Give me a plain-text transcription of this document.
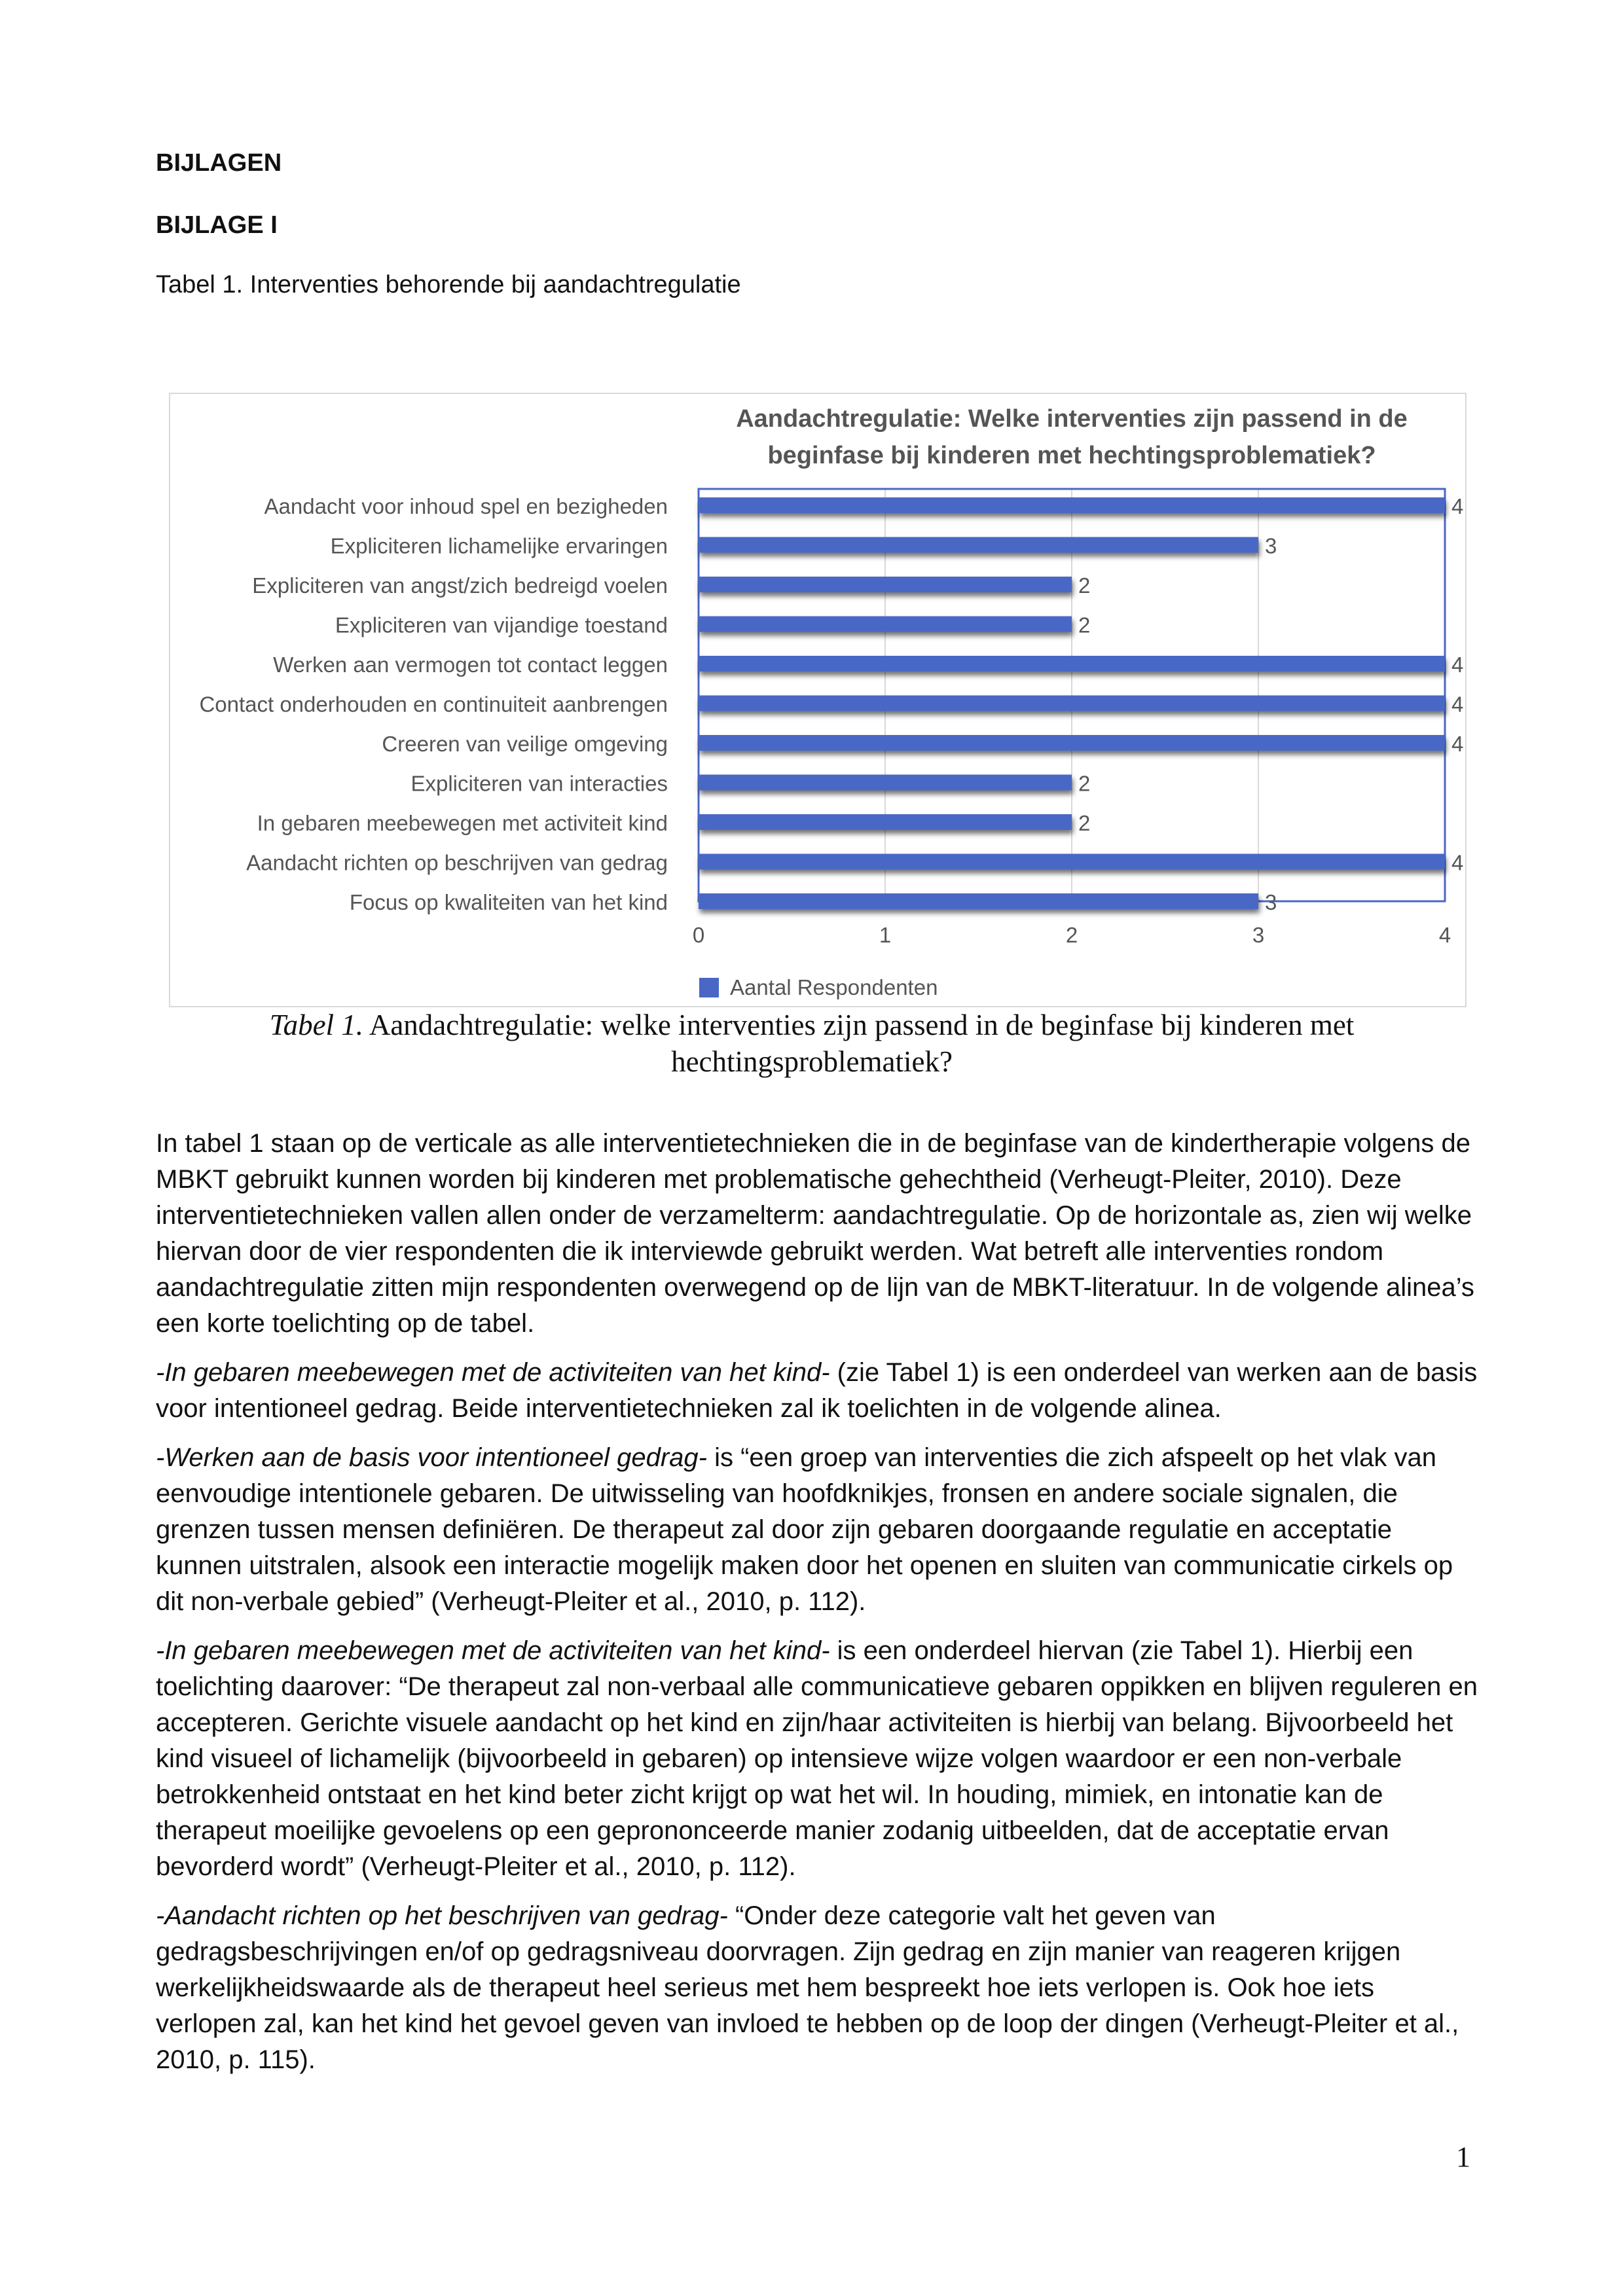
BIJLAGEN
BIJLAGE I
Tabel 1. Interventies behorende bij aandachtregulatie
Aandachtregulatie: Welke interventies zijn passend in de
beginfase bij kinderen met hechtingsproblematiek?
Aandacht voor inhoud spel en bezigheden
Expliciteren lichamelijke ervaringen
Expliciteren van angst/zich bedreigd voelen
Expliciteren van vijandige toestand
Werken aan vermogen tot contact leggen
Contact onderhouden en continuiteit aanbrengen
Creeren van veilige omgeving
Expliciteren van interacties
In gebaren meebewegen met activiteit kind
Aandacht richten op beschrijven van gedrag
Focus op kwaliteiten van het kind
4
3
2
2
4
4
4
2
2
4
3
0	1	2	3	4
Aantal Respondenten
Tabel 1. Aandachtregulatie: welke interventies zijn passend in de beginfase bij kinderen met
hechtingsproblematiek?

In tabel 1 staan op de verticale as alle interventietechnieken die in de beginfase van de kindertherapie volgens de MBKT gebruikt kunnen worden bij kinderen met problematische gehechtheid (Verheugt-Pleiter, 2010). Deze interventietechnieken vallen allen onder de verzamelterm: aandachtregulatie. Op de horizontale as, zien wij welke hiervan door de vier respondenten die ik interviewde gebruikt werden. Wat betreft alle interventies rondom aandachtregulatie zitten mijn respondenten overwegend op de lijn van de MBKT-literatuur. In de volgende alinea’s een korte toelichting op de tabel.

-In gebaren meebewegen met de activiteiten van het kind- (zie Tabel 1) is een onderdeel van werken aan de basis voor intentioneel gedrag. Beide interventietechnieken zal ik toelichten in de volgende alinea.

-Werken aan de basis voor intentioneel gedrag- is “een groep van interventies die zich afspeelt op het vlak van eenvoudige intentionele gebaren. De uitwisseling van hoofdknikjes, fronsen en andere sociale signalen, die grenzen tussen mensen definiëren. De therapeut zal door zijn gebaren doorgaande regulatie en acceptatie kunnen uitstralen, alsook een interactie mogelijk maken door het openen en sluiten van communicatie cirkels op dit non-verbale gebied” (Verheugt-Pleiter et al., 2010, p. 112).

-In gebaren meebewegen met de activiteiten van het kind- is een onderdeel hiervan (zie Tabel 1). Hierbij een toelichting daarover: “De therapeut zal non-verbaal alle communicatieve gebaren oppikken en blijven reguleren en accepteren. Gerichte visuele aandacht op het kind en zijn/haar activiteiten is hierbij van belang. Bijvoorbeeld het kind visueel of lichamelijk (bijvoorbeeld in gebaren) op intensieve wijze volgen waardoor er een non-verbale betrokkenheid ontstaat en het kind beter zicht krijgt op wat het wil. In houding, mimiek, en intonatie kan de therapeut moeilijke gevoelens op een geprononceerde manier zodanig uitbeelden, dat de acceptatie ervan bevorderd wordt” (Verheugt-Pleiter et al., 2010, p. 112).

-Aandacht richten op het beschrijven van gedrag- “Onder deze categorie valt het geven van gedragsbeschrijvingen en/of op gedragsniveau doorvragen. Zijn gedrag en zijn manier van reageren krijgen werkelijkheidswaarde als de therapeut heel serieus met hem bespreekt hoe iets verlopen is. Ook hoe iets verlopen zal, kan het kind het gevoel geven van invloed te hebben op de loop der dingen (Verheugt-Pleiter et al., 2010, p. 115).

1
